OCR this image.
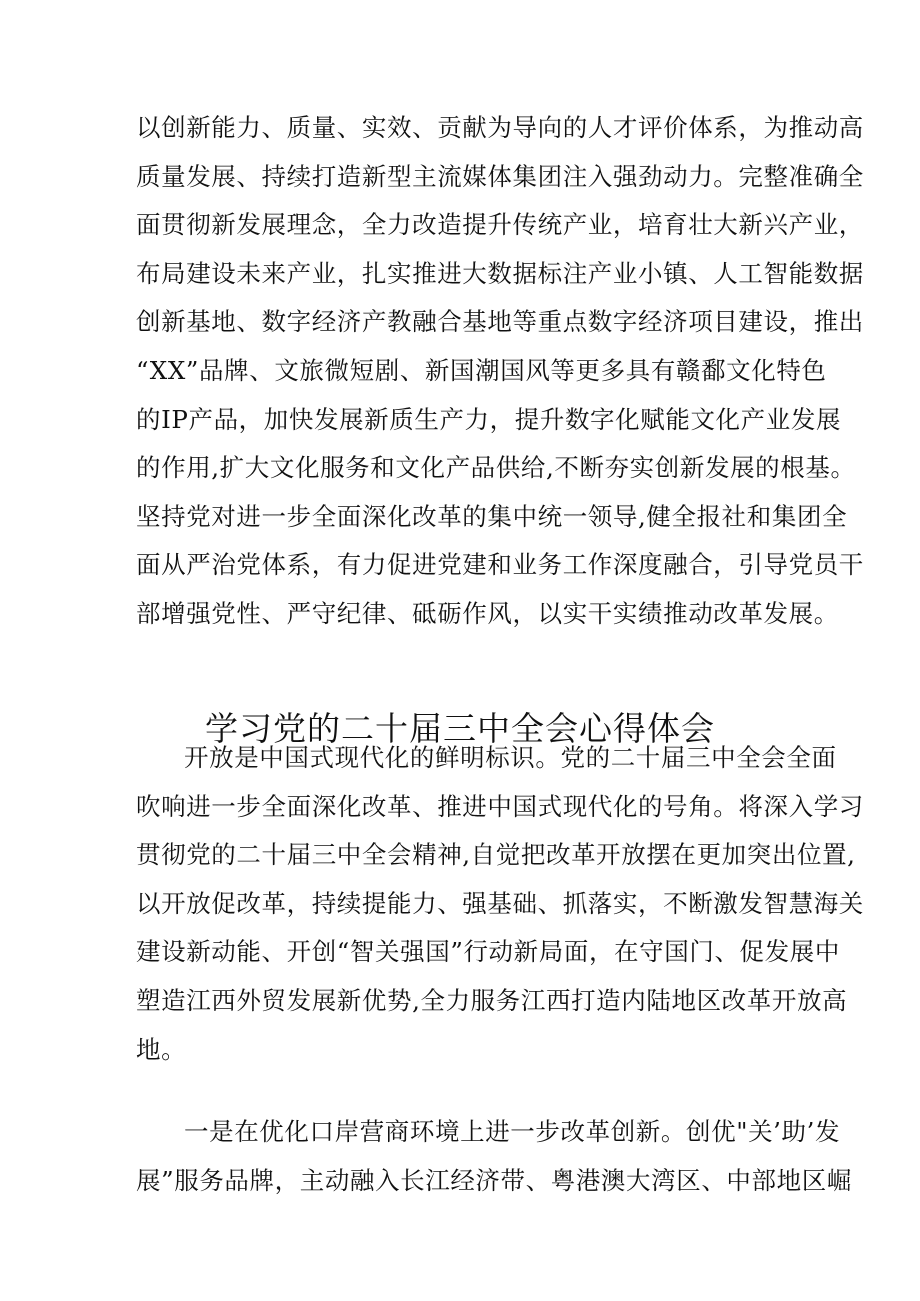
以创新能力、质量、实效、贡献为导向的人才评价体系，为推动高
质量发展、持续打造新型主流媒体集团注入强劲动力。完整准确全
面贯彻新发展理念，全力改造提升传统产业，培育壮大新兴产业，
布局建设未来产业，扎实推进大数据标注产业小镇、人工智能数据
创新基地、数字经济产教融合基地等重点数字经济项目建设，推出
“XX”品牌、文旅微短剧、新国潮国风等更多具有赣鄱文化特色
的IP产品，加快发展新质生产力，提升数字化赋能文化产业发展
的作用,扩大文化服务和文化产品供给,不断夯实创新发展的根基。
坚持党对进一步全面深化改革的集中统一领导,健全报社和集团全
面从严治党体系，有力促进党建和业务工作深度融合，引导党员干
部增强党性、严守纪律、砥砺作风，以实干实绩推动改革发展。
学习党的二十届三中全会心得体会
开放是中国式现代化的鲜明标识。党的二十届三中全会全面
吹响进一步全面深化改革、推进中国式现代化的号角。将深入学习
贯彻党的二十届三中全会精神,自觉把改革开放摆在更加突出位置,
以开放促改革，持续提能力、强基础、抓落实，不断激发智慧海关
建设新动能、开创“智关强国”行动新局面，在守国门、促发展中
塑造江西外贸发展新优势,全力服务江西打造内陆地区改革开放高
地。
一是在优化口岸营商环境上进一步改革创新。创优"关’助’发
展”服务品牌，主动融入长江经济带、粤港澳大湾区、中部地区崛
